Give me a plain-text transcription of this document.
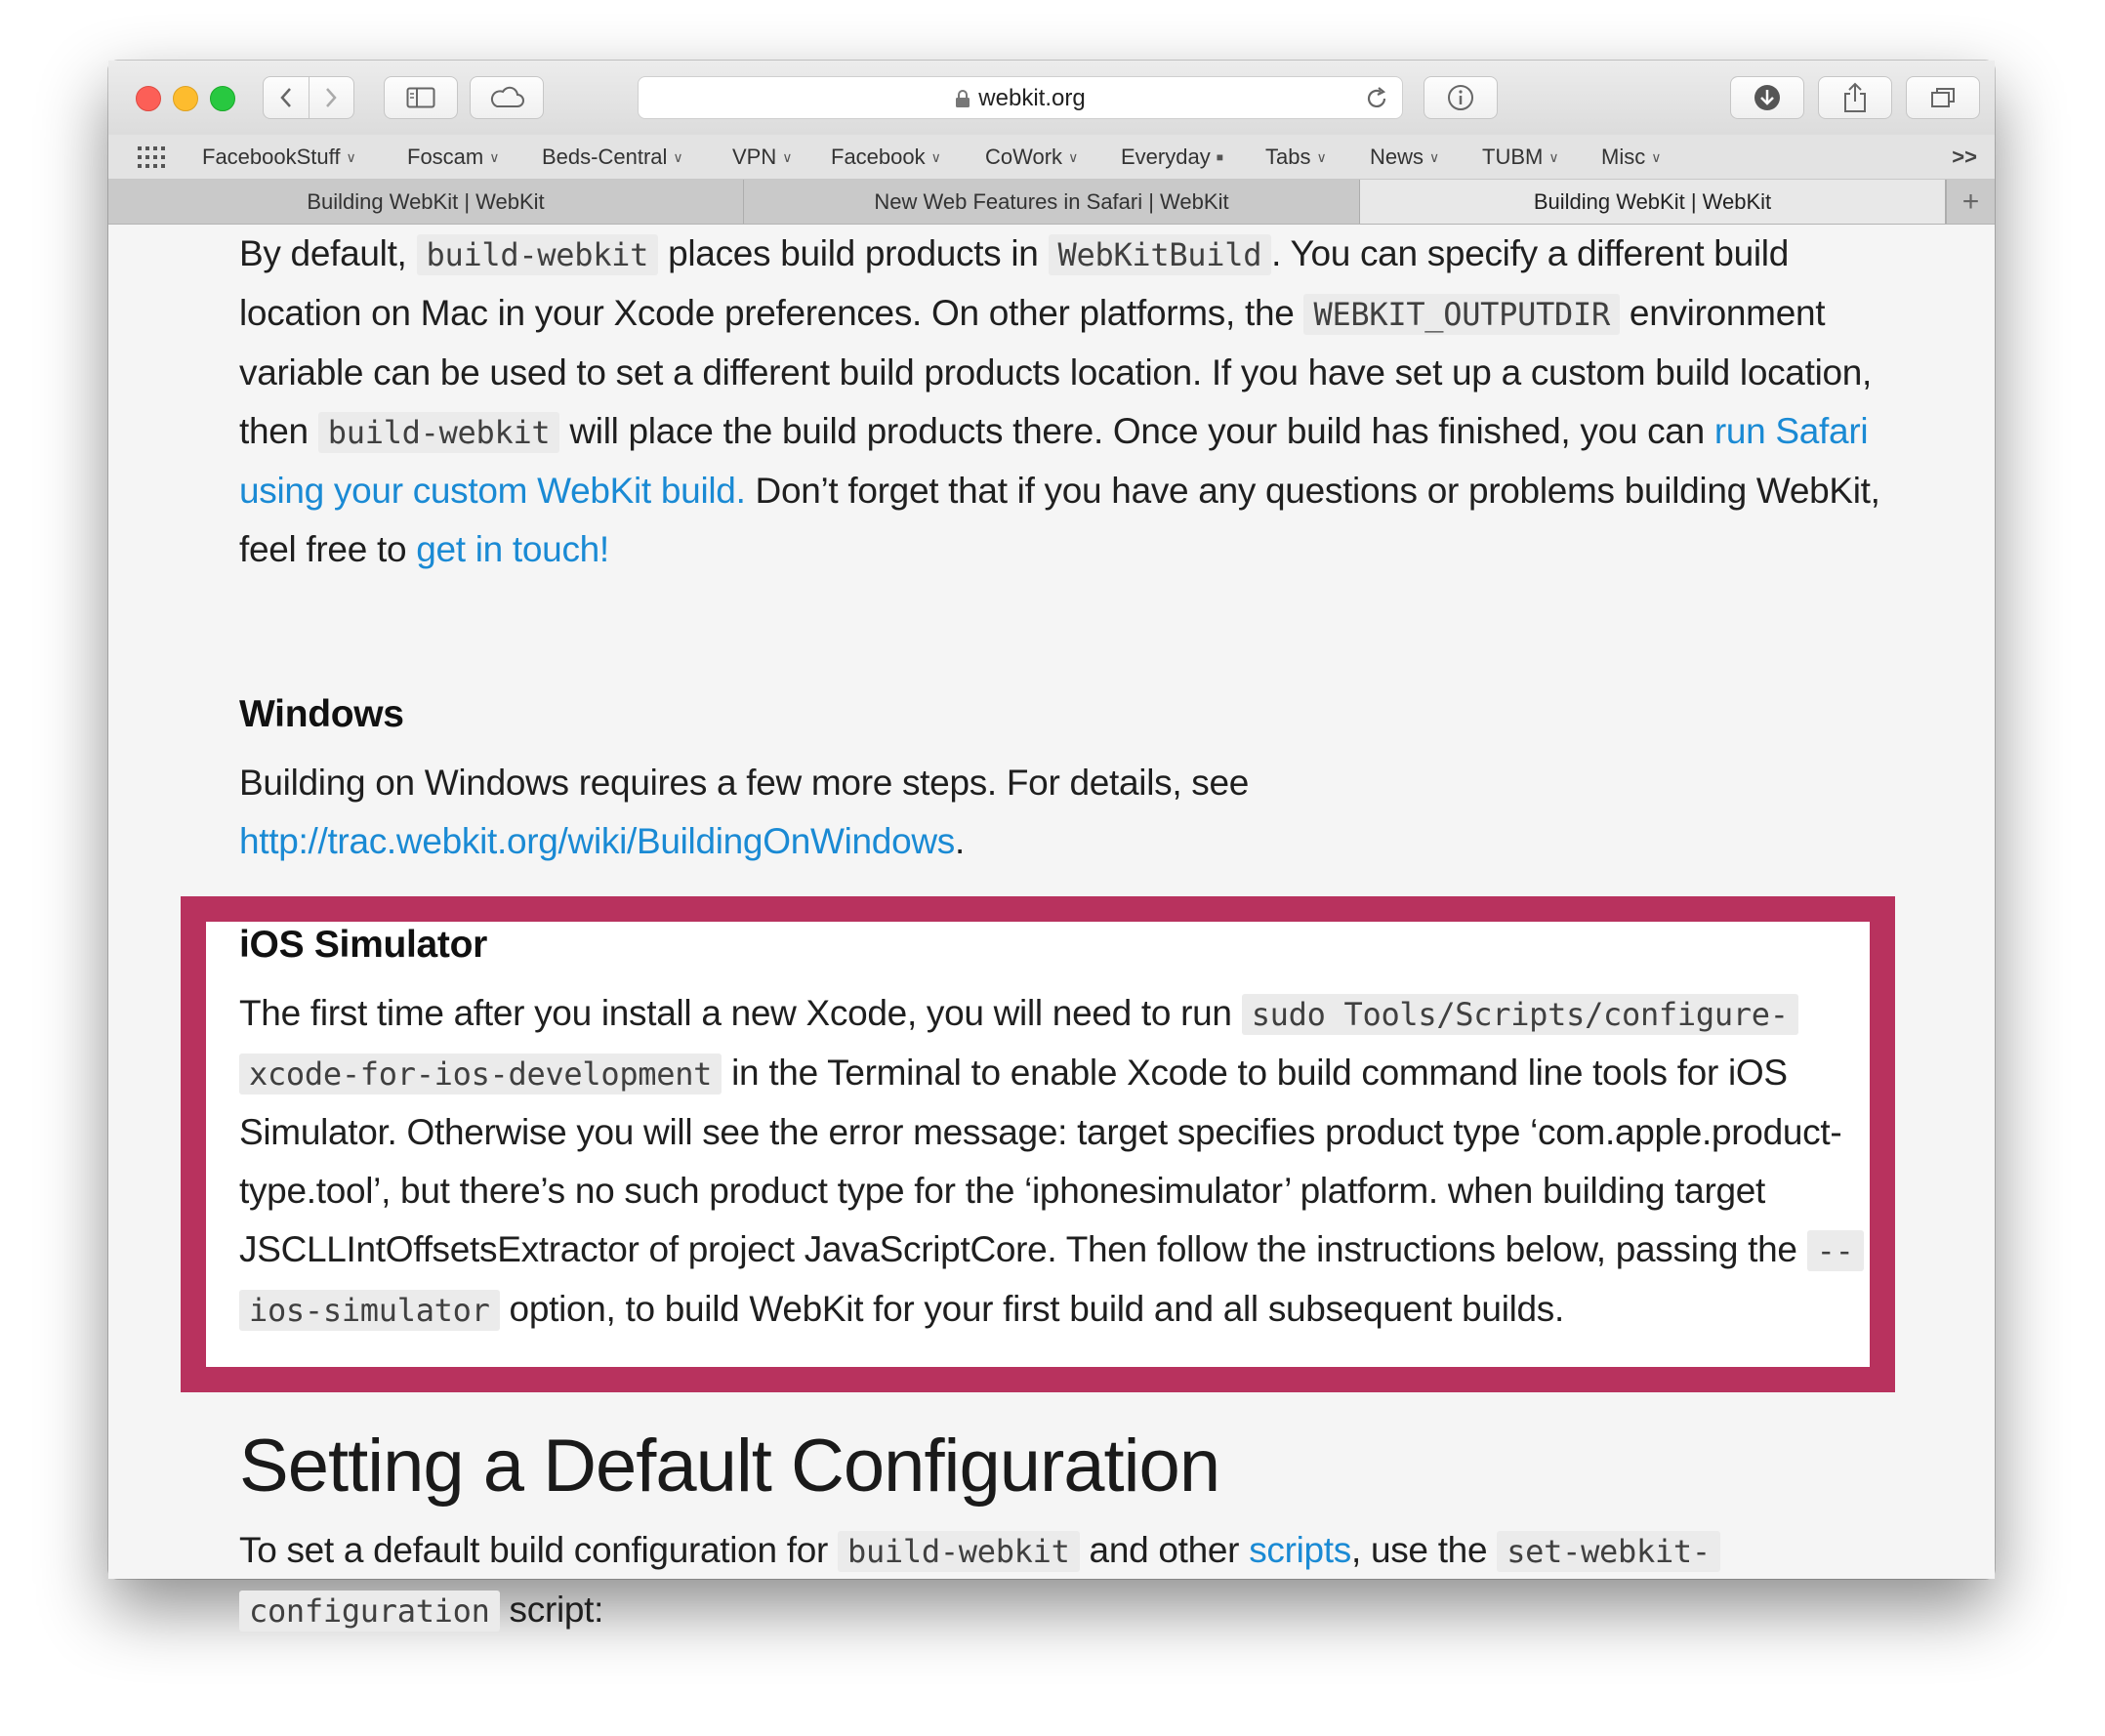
webkit.org
FacebookStuff ∨ Foscam ∨ Beds-Central ∨ VPN ∨ Facebook ∨ CoWork ∨ Everyday ■ Tabs ∨ News ∨ TUBM ∨ Misc ∨	>>
Building WebKit | WebKit	New Web Features in Safari | WebKit	Building WebKit | WebKit	+

By default, build-webkit places build products in WebKitBuild . You can specify a different build location on Mac in your Xcode preferences. On other platforms, the WEBKIT_OUTPUTDIR environment variable can be used to set a different build products location. If you have set up a custom build location, then build-webkit will place the build products there. Once your build has finished, you can run Safari using your custom WebKit build. Don’t forget that if you have any questions or problems building WebKit, feel free to get in touch!

Windows

Building on Windows requires a few more steps. For details, see
http://trac.webkit.org/wiki/BuildingOnWindows.

iOS Simulator

The first time after you install a new Xcode, you will need to run sudo Tools/Scripts/configure-
xcode-for-ios-development in the Terminal to enable Xcode to build command line tools for iOS Simulator. Otherwise you will see the error message: target specifies product type ‘com.apple.product-type.tool’, but there’s no such product type for the ‘iphonesimulator’ platform. when building target JSCLLIntOffsetsExtractor of project JavaScriptCore. Then follow the instructions below, passing the --
ios-simulator option, to build WebKit for your first build and all subsequent builds.

Setting a Default Configuration

To set a default build configuration for build-webkit and other scripts, use the set-webkit-
configuration script:
